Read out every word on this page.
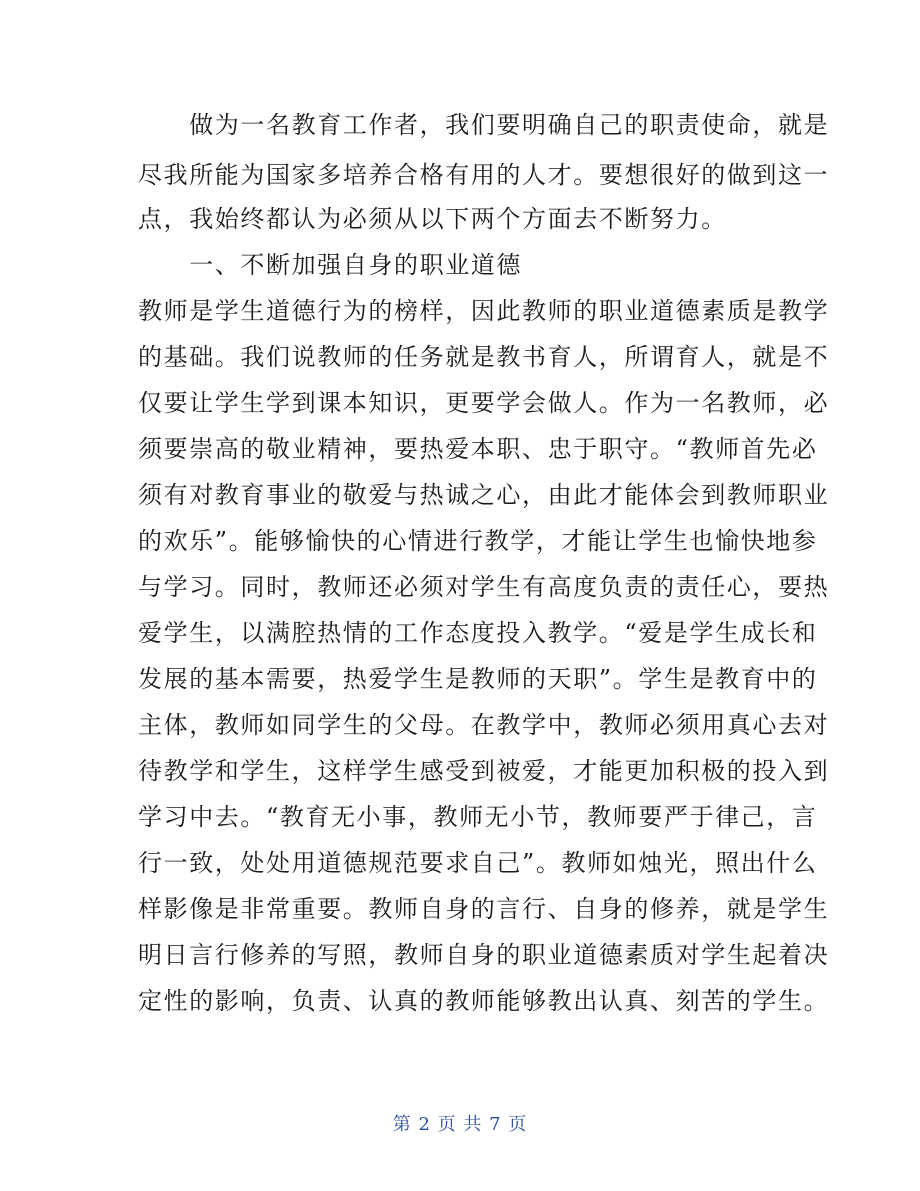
　　做为一名教育工作者，我们要明确自己的职责使命，就是
尽我所能为国家多培养合格有用的人才。要想很好的做到这一
点，我始终都认为必须从以下两个方面去不断努力。
　　一、不断加强自身的职业道德
教师是学生道德行为的榜样，因此教师的职业道德素质是教学
的基础。我们说教师的任务就是教书育人，所谓育人，就是不
仅要让学生学到课本知识，更要学会做人。作为一名教师，必
须要崇高的敬业精神，要热爱本职、忠于职守。“教师首先必
须有对教育事业的敬爱与热诚之心，由此才能体会到教师职业
的欢乐”。能够愉快的心情进行教学，才能让学生也愉快地参
与学习。同时，教师还必须对学生有高度负责的责任心，要热
爱学生，以满腔热情的工作态度投入教学。“爱是学生成长和
发展的基本需要，热爱学生是教师的天职”。学生是教育中的
主体，教师如同学生的父母。在教学中，教师必须用真心去对
待教学和学生，这样学生感受到被爱，才能更加积极的投入到
学习中去。“教育无小事，教师无小节，教师要严于律己，言
行一致，处处用道德规范要求自己”。教师如烛光，照出什么
样影像是非常重要。教师自身的言行、自身的修养，就是学生
明日言行修养的写照，教师自身的职业道德素质对学生起着决
定性的影响，负责、认真的教师能够教出认真、刻苦的学生。
第 2 页 共 7 页
